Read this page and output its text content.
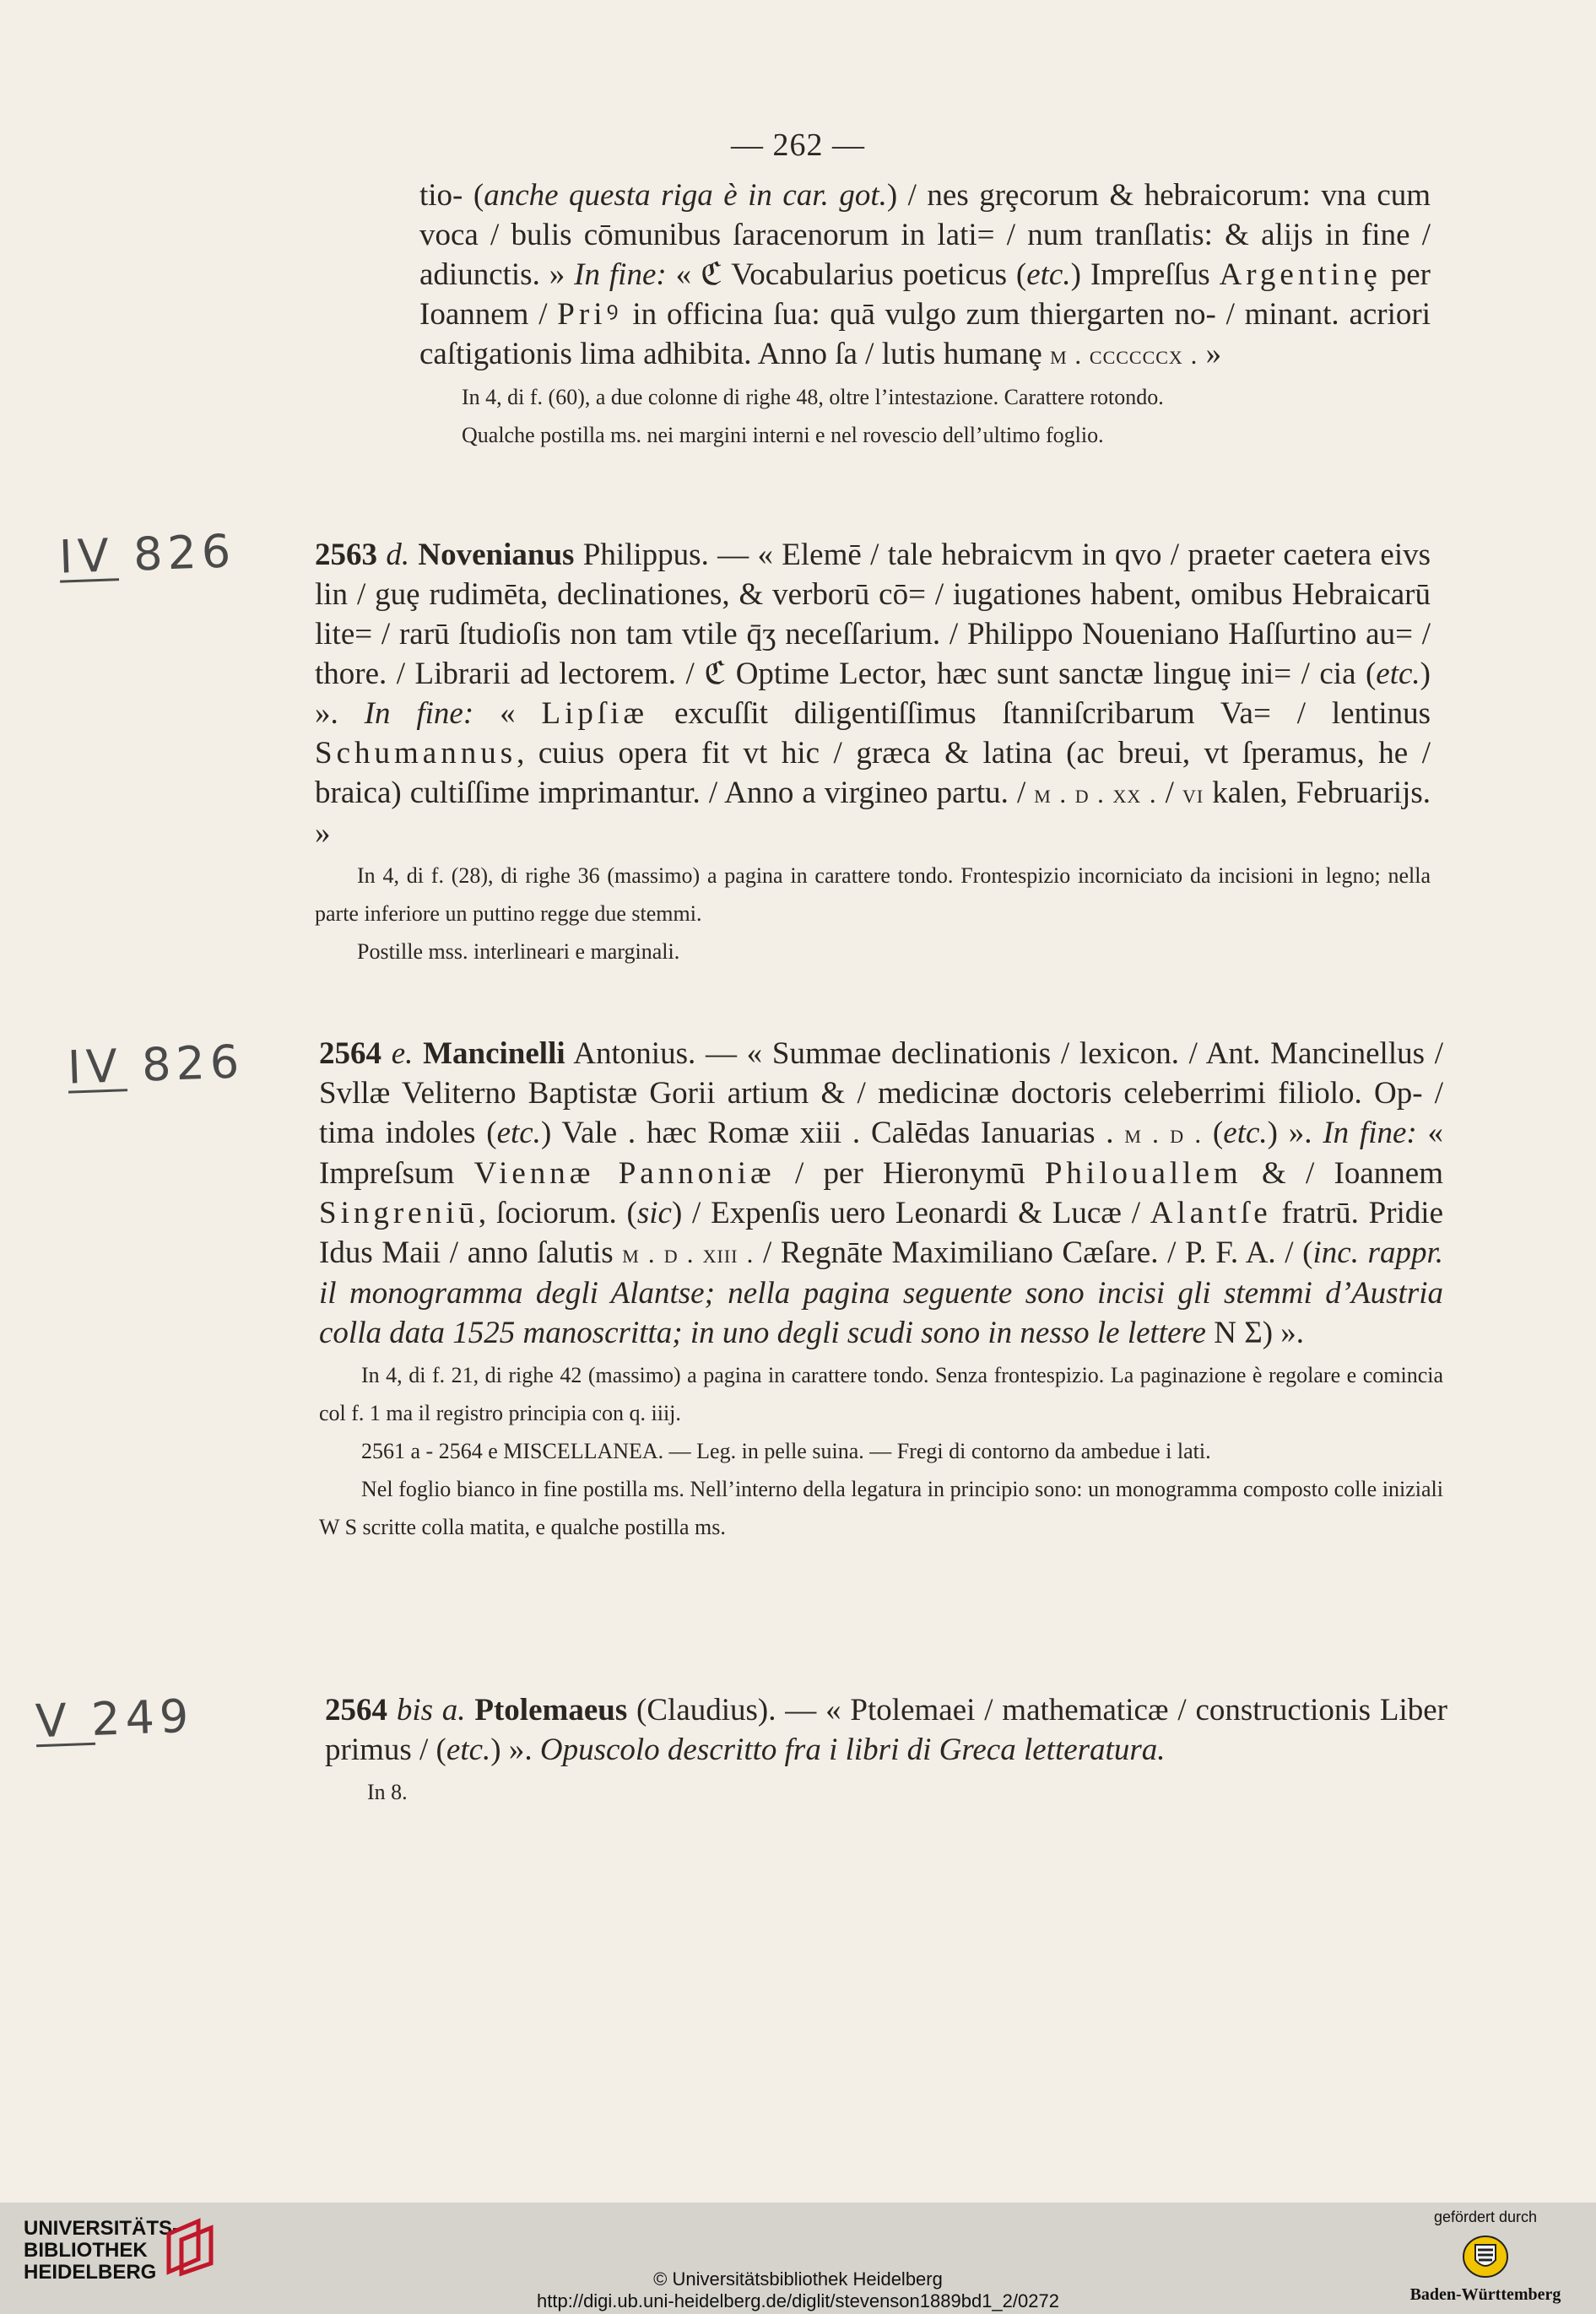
— 262 —
tio- (anche questa riga è in car. got.) / nes grȩcorum & hebraicorum: vna cum voca / bulis cōmunibus ſaracenorum in lati= / num tranſlatis: & alijs in fine / adiunctis. » In fine: « ℭ Vocabularius poeticus (etc.) Impreſſus Argentinȩ per Ioannem / Priꝰ in officina ſua: quā vulgo zum thiergarten no- / minant. acriori caſtigationis lima adhibita. Anno ſa / lutis humanȩ m . ccccccx . »

In 4, di f. (60), a due colonne di righe 48, oltre l’intestazione. Carattere rotondo.

Qualche postilla ms. nei margini interni e nel rovescio dell’ultimo foglio.

IV 826	2563 d. Novenianus Philippus. — « Elemē / tale hebraicvm in qvo / praeter caetera eivs lin / guȩ rudimēta, declinationes, & verborū cō= / iugationes habent, omibus Hebraicarū lite= / rarū ſtudioſis non tam vtile q̄ʒ neceſſarium. / Philippo Noueniano Haſſurtino au= / thore. / Librarii ad lectorem. / ℭ Optime Lector, hæc sunt sanctæ linguȩ ini= / cia (etc.) ». In fine: « Lipſiæ excuſſit diligentiſſimus ſtanniſcribarum Va= / lentinus Schumannus, cuius opera fit vt hic / græca & latina (ac breui, vt ſperamus, he / braica) cultiſſime imprimantur. / Anno a virgineo partu. / m . d . xx . / vi kalen, Februarijs. »

In 4, di f. (28), di righe 36 (massimo) a pagina in carattere tondo. Frontespizio incorniciato da incisioni in legno; nella parte inferiore un puttino regge due stemmi.

Postille mss. interlineari e marginali.

IV 826 2564 e. Mancinelli Antonius. — « Summae declinationis / lexicon. / Ant. Mancinellus / Svllæ Veliterno Baptistæ Gorii artium & / medicinæ doctoris celeberrimi filiolo. Op- / tima indoles (etc.) Vale . hæc Romæ xiii . Calēdas Ianuarias . m . d . (etc.) ». In fine: « Impreſsum Viennæ Pannoniæ / per Hieronymū Philouallem & / Ioannem Singreniū, ſociorum. (sic) / Expenſis uero Leonardi & Lucæ / Alantſe fratrū. Pridie Idus Maii / anno ſalutis m . d . xiii . / Regnāte Maximiliano Cæſare. / P. F. A. / (inc. rappr. il monogramma degli Alantse; nella pagina seguente sono incisi gli stemmi d’Austria colla data 1525 manoscritta; in uno degli scudi sono in nesso le lettere N Σ) ».

In 4, di f. 21, di righe 42 (massimo) a pagina in carattere tondo. Senza frontespizio. La paginazione è regolare e comincia col f. 1 ma il registro principia con q. iiij.

2561 a - 2564 e MISCELLANEA. — Leg. in pelle suina. — Fregi di contorno da ambedue i lati.

Nel foglio bianco in fine postilla ms. Nell’interno della legatura in principio sono: un monogramma composto colle iniziali W S scritte colla matita, e qualche postilla ms.

V 249	2564 bis a. Ptolemaeus (Claudius). — « Ptolemaei / mathematicæ / constructionis Liber primus / (etc.) ». Opuscolo descritto fra i libri di Greca letteratura.

In 8.

UNIVERSITÄTS-
BIBLIOTHEK
HEIDELBERG	© Universitätsbibliothek Heidelberg
http://digi.ub.uni-heidelberg.de/diglit/stevenson1889bd1_2/0272
gefördert durch
Baden-Württemberg
